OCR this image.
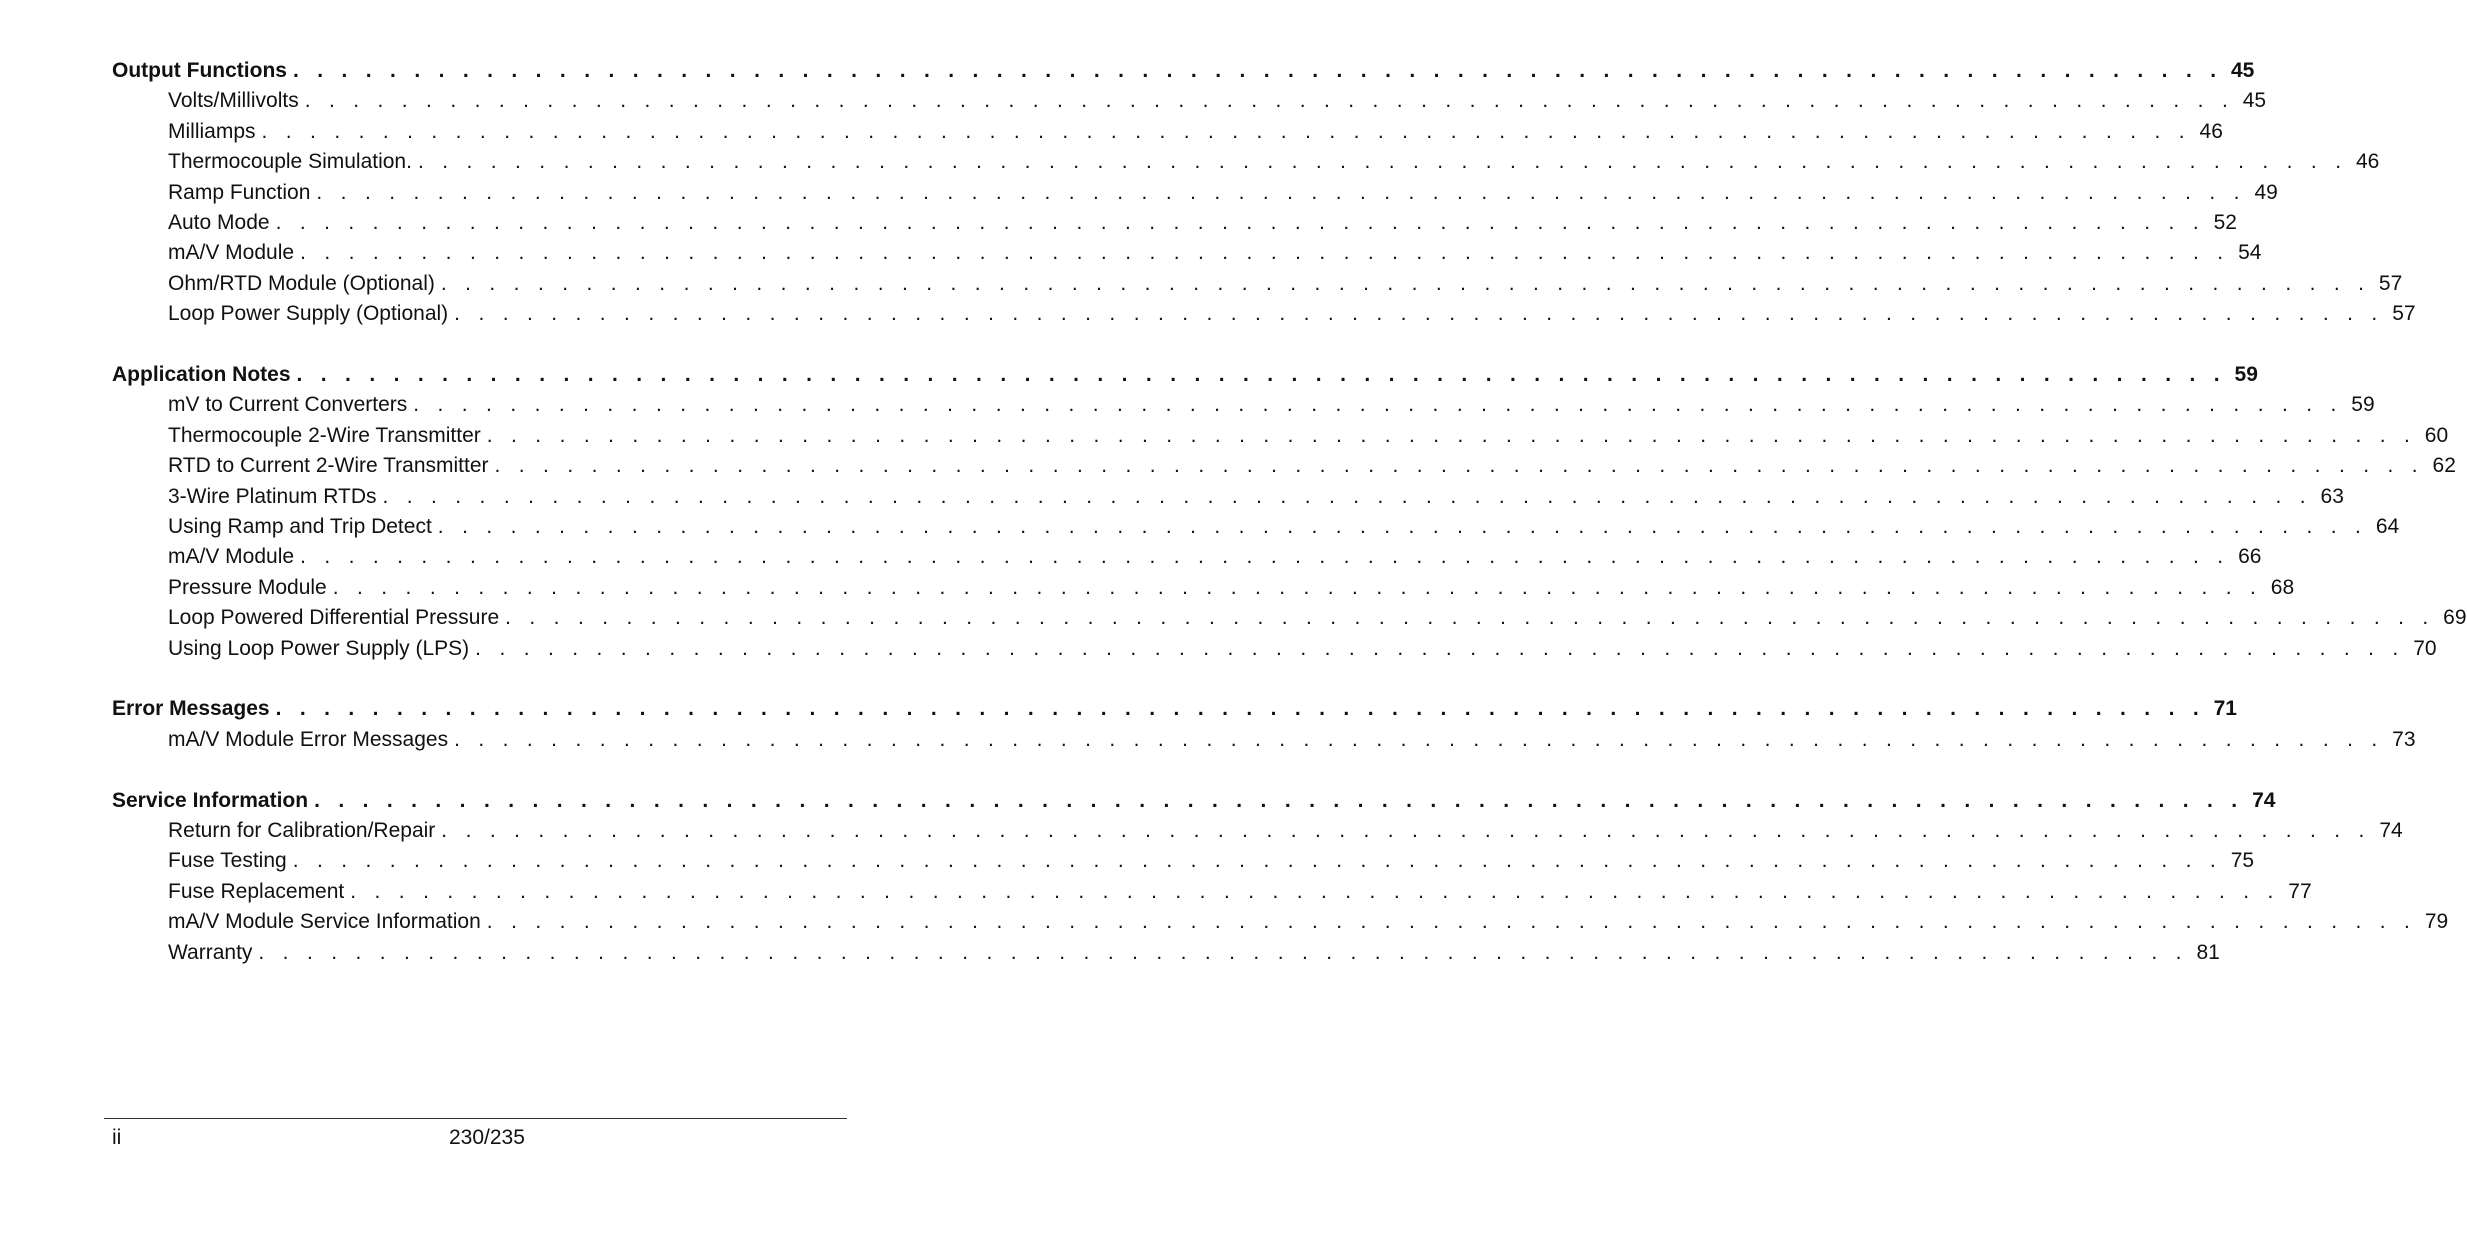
Output Functions . . . . . . . . . . . . . . . . . . . . . . . . . . . . . . . . . . . . . . . . . . . . . . . . . . . . . . . . . . . . . . . . . . . . . . . . . . . . . . . . 45
Volts/Millivolts . . . . . . . . . . . . . . . . . . . . . . . . . . . . . . . . . . . . . . . . . . . . . . . . . . . . . . . . . . . . . . . . . . . . . . . . . . . . . . . . 45
Milliamps . . . . . . . . . . . . . . . . . . . . . . . . . . . . . . . . . . . . . . . . . . . . . . . . . . . . . . . . . . . . . . . . . . . . . . . . . . . . . . . . 46
Thermocouple Simulation. . . . . . . . . . . . . . . . . . . . . . . . . . . . . . . . . . . . . . . . . . . . . . . . . . . . . . . . . . . . . . . . . . . . . . . . . . . . . . . . . 46
Ramp Function . . . . . . . . . . . . . . . . . . . . . . . . . . . . . . . . . . . . . . . . . . . . . . . . . . . . . . . . . . . . . . . . . . . . . . . . . . . . . . . . 49
Auto Mode . . . . . . . . . . . . . . . . . . . . . . . . . . . . . . . . . . . . . . . . . . . . . . . . . . . . . . . . . . . . . . . . . . . . . . . . . . . . . . . . 52
mA/V Module . . . . . . . . . . . . . . . . . . . . . . . . . . . . . . . . . . . . . . . . . . . . . . . . . . . . . . . . . . . . . . . . . . . . . . . . . . . . . . . . 54
Ohm/RTD Module (Optional) . . . . . . . . . . . . . . . . . . . . . . . . . . . . . . . . . . . . . . . . . . . . . . . . . . . . . . . . . . . . . . . . . . . . . . . . . . . . . . . . 57
Loop Power Supply (Optional) . . . . . . . . . . . . . . . . . . . . . . . . . . . . . . . . . . . . . . . . . . . . . . . . . . . . . . . . . . . . . . . . . . . . . . . . . . . . . . . . 57
Application Notes . . . . . . . . . . . . . . . . . . . . . . . . . . . . . . . . . . . . . . . . . . . . . . . . . . . . . . . . . . . . . . . . . . . . . . . . . . . . . . . . 59
mV to Current Converters . . . . . . . . . . . . . . . . . . . . . . . . . . . . . . . . . . . . . . . . . . . . . . . . . . . . . . . . . . . . . . . . . . . . . . . . . . . . . . . . 59
Thermocouple 2-Wire Transmitter . . . . . . . . . . . . . . . . . . . . . . . . . . . . . . . . . . . . . . . . . . . . . . . . . . . . . . . . . . . . . . . . . . . . . . . . . . . . . . . . 60
RTD to Current 2-Wire Transmitter . . . . . . . . . . . . . . . . . . . . . . . . . . . . . . . . . . . . . . . . . . . . . . . . . . . . . . . . . . . . . . . . . . . . . . . . . . . . . . . . 62
3-Wire Platinum RTDs . . . . . . . . . . . . . . . . . . . . . . . . . . . . . . . . . . . . . . . . . . . . . . . . . . . . . . . . . . . . . . . . . . . . . . . . . . . . . . . . 63
Using Ramp and Trip Detect . . . . . . . . . . . . . . . . . . . . . . . . . . . . . . . . . . . . . . . . . . . . . . . . . . . . . . . . . . . . . . . . . . . . . . . . . . . . . . . . 64
mA/V Module . . . . . . . . . . . . . . . . . . . . . . . . . . . . . . . . . . . . . . . . . . . . . . . . . . . . . . . . . . . . . . . . . . . . . . . . . . . . . . . . 66
Pressure Module . . . . . . . . . . . . . . . . . . . . . . . . . . . . . . . . . . . . . . . . . . . . . . . . . . . . . . . . . . . . . . . . . . . . . . . . . . . . . . . . 68
Loop Powered Differential Pressure . . . . . . . . . . . . . . . . . . . . . . . . . . . . . . . . . . . . . . . . . . . . . . . . . . . . . . . . . . . . . . . . . . . . . . . . . . . . . . . . 69
Using Loop Power Supply (LPS) . . . . . . . . . . . . . . . . . . . . . . . . . . . . . . . . . . . . . . . . . . . . . . . . . . . . . . . . . . . . . . . . . . . . . . . . . . . . . . . . 70
Error Messages . . . . . . . . . . . . . . . . . . . . . . . . . . . . . . . . . . . . . . . . . . . . . . . . . . . . . . . . . . . . . . . . . . . . . . . . . . . . . . . . 71
mA/V Module Error Messages . . . . . . . . . . . . . . . . . . . . . . . . . . . . . . . . . . . . . . . . . . . . . . . . . . . . . . . . . . . . . . . . . . . . . . . . . . . . . . . . 73
Service Information . . . . . . . . . . . . . . . . . . . . . . . . . . . . . . . . . . . . . . . . . . . . . . . . . . . . . . . . . . . . . . . . . . . . . . . . . . . . . . . . 74
Return for Calibration/Repair . . . . . . . . . . . . . . . . . . . . . . . . . . . . . . . . . . . . . . . . . . . . . . . . . . . . . . . . . . . . . . . . . . . . . . . . . . . . . . . . 74
Fuse Testing . . . . . . . . . . . . . . . . . . . . . . . . . . . . . . . . . . . . . . . . . . . . . . . . . . . . . . . . . . . . . . . . . . . . . . . . . . . . . . . . 75
Fuse Replacement . . . . . . . . . . . . . . . . . . . . . . . . . . . . . . . . . . . . . . . . . . . . . . . . . . . . . . . . . . . . . . . . . . . . . . . . . . . . . . . . 77
mA/V Module Service Information . . . . . . . . . . . . . . . . . . . . . . . . . . . . . . . . . . . . . . . . . . . . . . . . . . . . . . . . . . . . . . . . . . . . . . . . . . . . . . . . 79
Warranty . . . . . . . . . . . . . . . . . . . . . . . . . . . . . . . . . . . . . . . . . . . . . . . . . . . . . . . . . . . . . . . . . . . . . . . . . . . . . . . . 81
ii	230/235
